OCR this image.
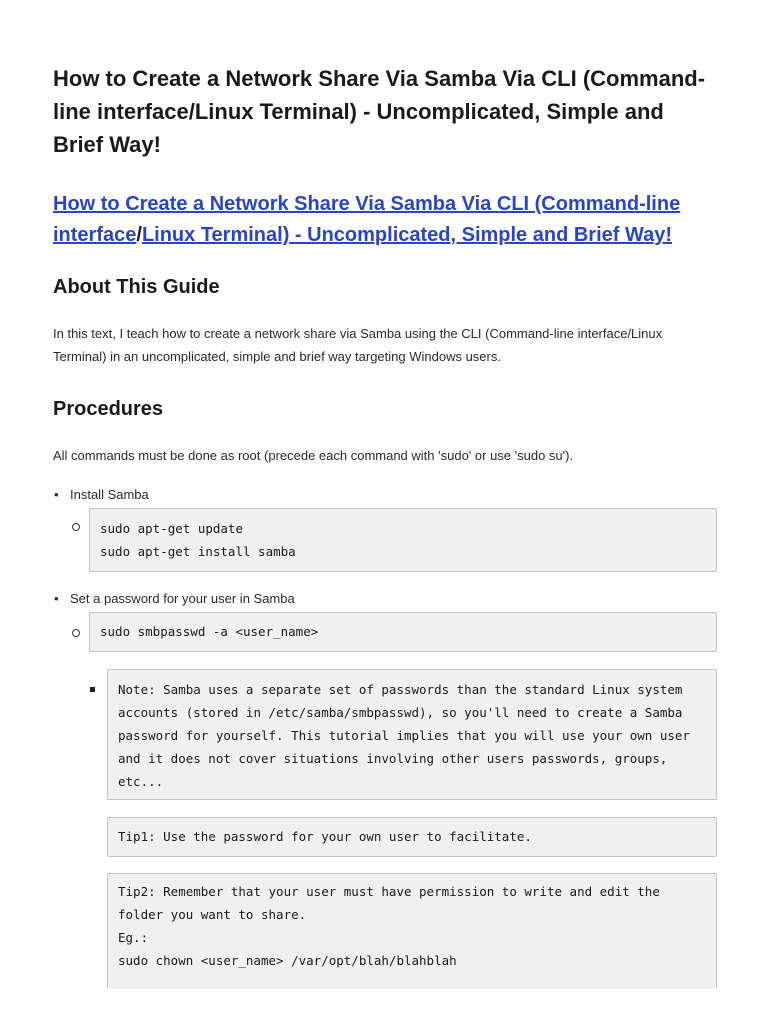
How to Create a Network Share Via Samba Via CLI (Command-line interface/Linux Terminal) - Uncomplicated, Simple and Brief Way!
How to Create a Network Share Via Samba Via CLI (Command-line interface/Linux Terminal) - Uncomplicated, Simple and Brief Way!
About This Guide

In this text, I teach how to create a network share via Samba using the CLI (Command-line interface/Linux Terminal) in an uncomplicated, simple and brief way targeting Windows users.

Procedures

All commands must be done as root (precede each command with 'sudo' or use 'sudo su').

• Install Samba
sudo apt-get update
sudo apt-get install samba
• Set a password for your user in Samba
sudo smbpasswd -a <user_name>
Note: Samba uses a separate set of passwords than the standard Linux system accounts (stored in /etc/samba/smbpasswd), so you'll need to create a Samba password for yourself. This tutorial implies that you will use your own user and it does not cover situations involving other users passwords, groups, etc...
Tip1: Use the password for your own user to facilitate.
Tip2: Remember that your user must have permission to write and edit the folder you want to share.
Eg.:
sudo chown <user_name> /var/opt/blah/blahblah
